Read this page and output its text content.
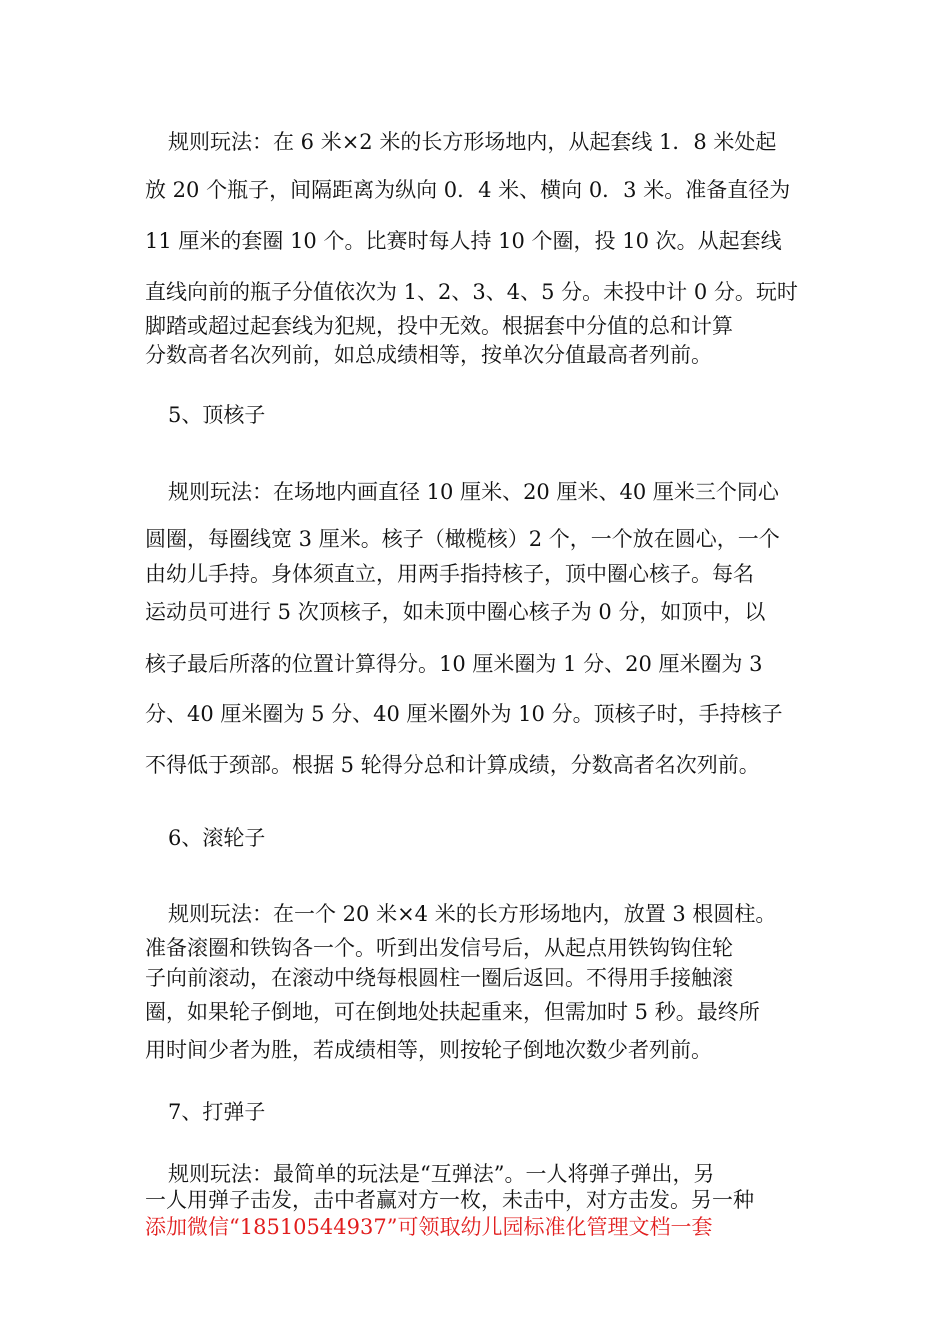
规则玩法：在 6 米×2 米的长方形场地内，从起套线 1．8 米处起
放 20 个瓶子，间隔距离为纵向 0．4 米、横向 0．3 米。准备直径为
11 厘米的套圈 10 个。比赛时每人持 10 个圈，投 10 次。从起套线
直线向前的瓶子分值依次为 1、2、3、4、5 分。未投中计 0 分。玩时
脚踏或超过起套线为犯规，投中无效。根据套中分值的总和计算
分数高者名次列前，如总成绩相等，按单次分值最高者列前。
5、顶核子
规则玩法：在场地内画直径 10 厘米、20 厘米、40 厘米三个同心
圆圈，每圈线宽 3 厘米。核子（橄榄核）2 个，一个放在圆心，一个
由幼儿手持。身体须直立，用两手指持核子，顶中圈心核子。每名
运动员可进行 5 次顶核子，如未顶中圈心核子为 0 分，如顶中，以
核子最后所落的位置计算得分。10 厘米圈为 1 分、20 厘米圈为 3
分、40 厘米圈为 5 分、40 厘米圈外为 10 分。顶核子时，手持核子
不得低于颈部。根据 5 轮得分总和计算成绩，分数高者名次列前。
6、滚轮子
规则玩法：在一个 20 米×4 米的长方形场地内，放置 3 根圆柱。
准备滚圈和铁钩各一个。听到出发信号后，从起点用铁钩钩住轮
子向前滚动，在滚动中绕每根圆柱一圈后返回。不得用手接触滚
圈，如果轮子倒地，可在倒地处扶起重来，但需加时 5 秒。最终所
用时间少者为胜，若成绩相等，则按轮子倒地次数少者列前。
7、打弹子
规则玩法：最简单的玩法是“互弹法”。一人将弹子弹出，另
一人用弹子击发，击中者赢对方一枚，未击中，对方击发。另一种
添加微信“18510544937”可领取幼儿园标准化管理文档一套
